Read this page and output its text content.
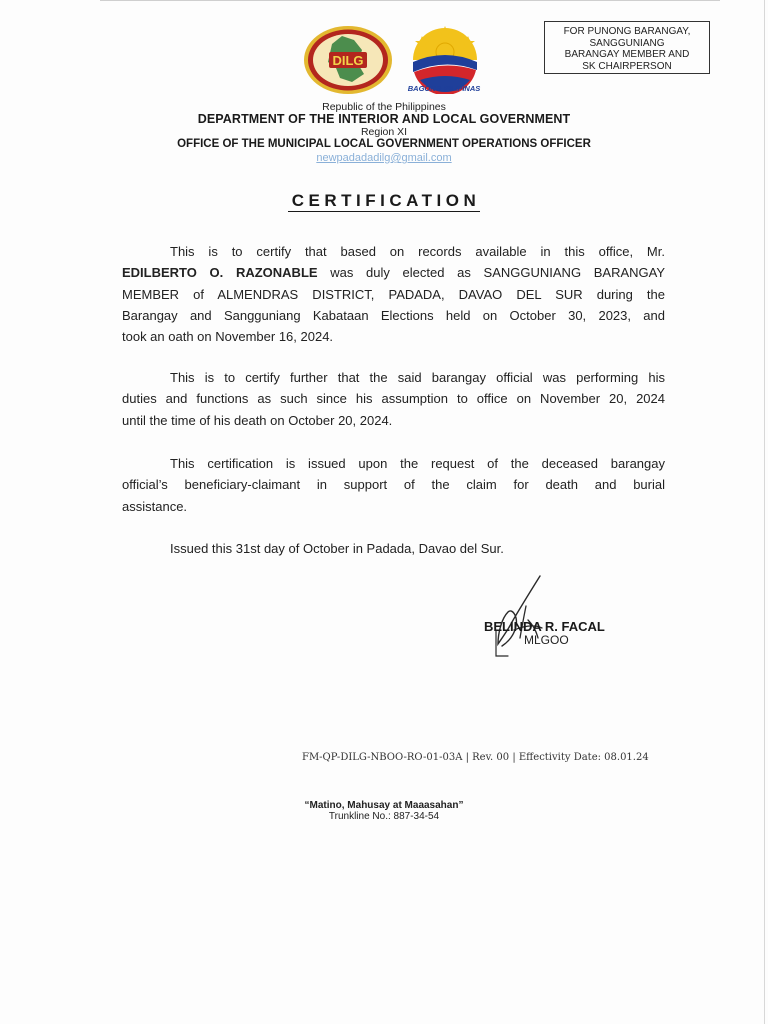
FOR PUNONG BARANGAY,
SANGGUNIANG
BARANGAY MEMBER AND
SK CHAIRPERSON
DILG
BAGONG PILIPINAS
Republic of the Philippines
DEPARTMENT OF THE INTERIOR AND LOCAL GOVERNMENT
Region XI
OFFICE OF THE MUNICIPAL LOCAL GOVERNMENT OPERATIONS OFFICER
newpadadadilg@gmail.com
CERTIFICATION
This is to certify that based on records available in this office, Mr.
EDILBERTO O. RAZONABLE was duly elected as SANGGUNIANG BARANGAY
MEMBER of ALMENDRAS DISTRICT, PADADA, DAVAO DEL SUR during the
Barangay and Sangguniang Kabataan Elections held on October 30, 2023, and
took an oath on November 16, 2024.
This is to certify further that the said barangay official was performing his
duties and functions as such since his assumption to office on November 20, 2024
until the time of his death on October 20, 2024.
This certification is issued upon the request of the deceased barangay
official’s beneficiary-claimant in support of the claim for death and burial
assistance.
Issued this 31st day of October in Padada, Davao del Sur.
BELINDA R. FACAL
MLGOO
FM-QP-DILG-NBOO-RO-01-03A | Rev. 00 | Effectivity Date: 08.01.24
“Matino, Mahusay at Maaasahan”
Trunkline No.: 887-34-54
